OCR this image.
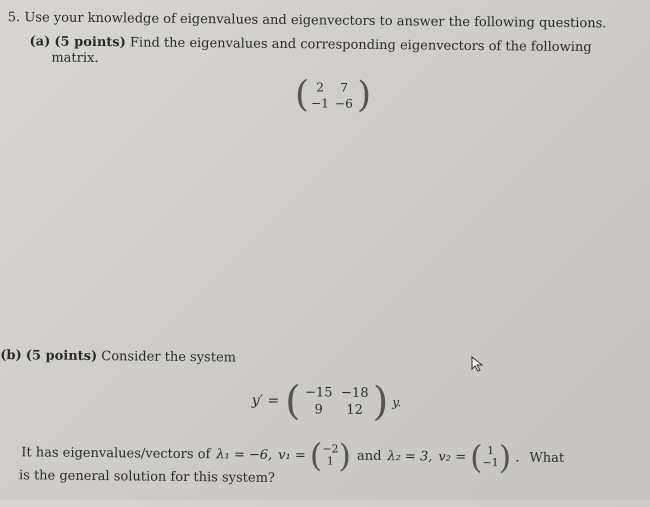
5. Use your knowledge of eigenvalues and eigenvectors to answer the following questions.
(a) (5 points) Find the eigenvalues and corresponding eigenvectors of the following
matrix.
( 2	7
−1 −6 )
(b) (5 points) Consider the system
y′ = ( −15 −18
9	12 ) y.
It has eigenvalues/vectors of λ₁ = −6, v₁ = ( −2
1 ) and λ₂ = 3, v₂ = ( 1
−1 ) . What
is the general solution for this system?
